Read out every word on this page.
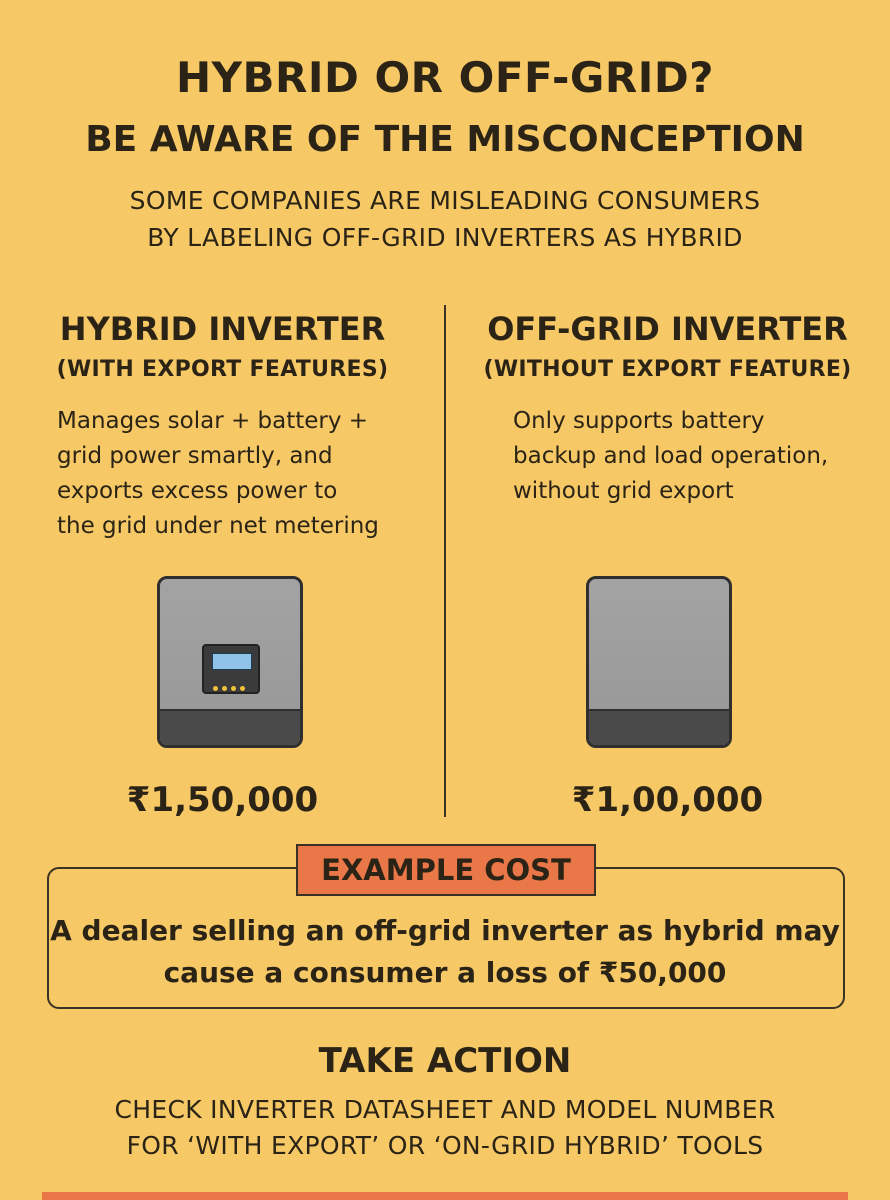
HYBRID OR OFF-GRID?
BE AWARE OF THE MISCONCEPTION
SOME COMPANIES ARE MISLEADING CONSUMERS
BY LABELING OFF-GRID INVERTERS AS HYBRID
HYBRID INVERTER
(WITH EXPORT FEATURES)
Manages solar + battery +
grid power smartly, and
exports excess power to
the grid under net metering
₹1,50,000
OFF-GRID INVERTER
(WITHOUT EXPORT FEATURE)
Only supports battery
backup and load operation,
without grid export
₹1,00,000
EXAMPLE COST
A dealer selling an off-grid inverter as hybrid may
cause a consumer a loss of ₹50,000
TAKE ACTION
CHECK INVERTER DATASHEET AND MODEL NUMBER
FOR ‘WITH EXPORT’ OR ‘ON-GRID HYBRID’ TOOLS
